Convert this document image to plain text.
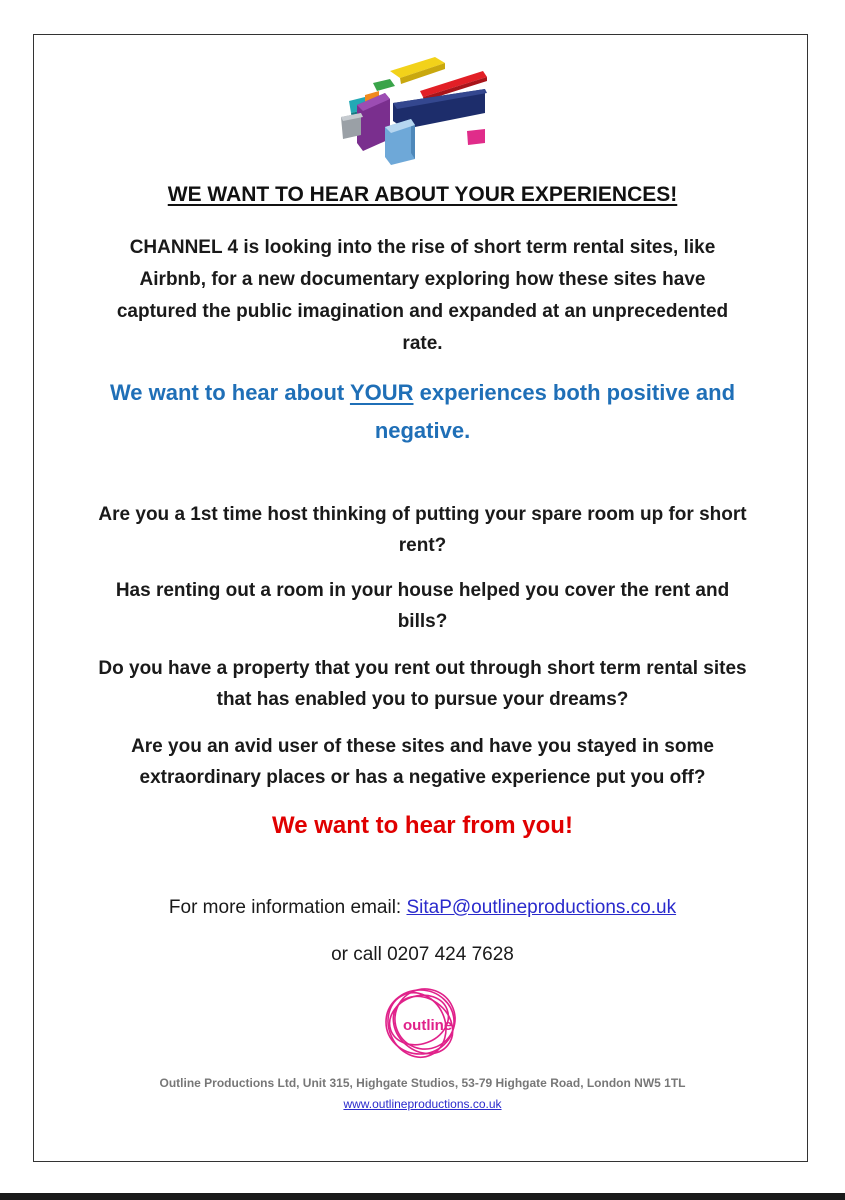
WE WANT TO HEAR ABOUT YOUR EXPERIENCES!
CHANNEL 4 is looking into the rise of short term rental sites, like Airbnb, for a new documentary exploring how these sites have captured the public imagination and expanded at an unprecedented rate.
We want to hear about YOUR experiences both positive and negative.
Are you a 1st time host thinking of putting your spare room up for short rent?
Has renting out a room in your house helped you cover the rent and bills?
Do you have a property that you rent out through short term rental sites that has enabled you to pursue your dreams?
Are you an avid user of these sites and have you stayed in some extraordinary places or has a negative experience put you off?
We want to hear from you!
For more information email: SitaP@outlineproductions.co.uk
or call 0207 424 7628
outline
Outline Productions Ltd, Unit 315, Highgate Studios, 53-79 Highgate Road, London NW5 1TL
www.outlineproductions.co.uk
